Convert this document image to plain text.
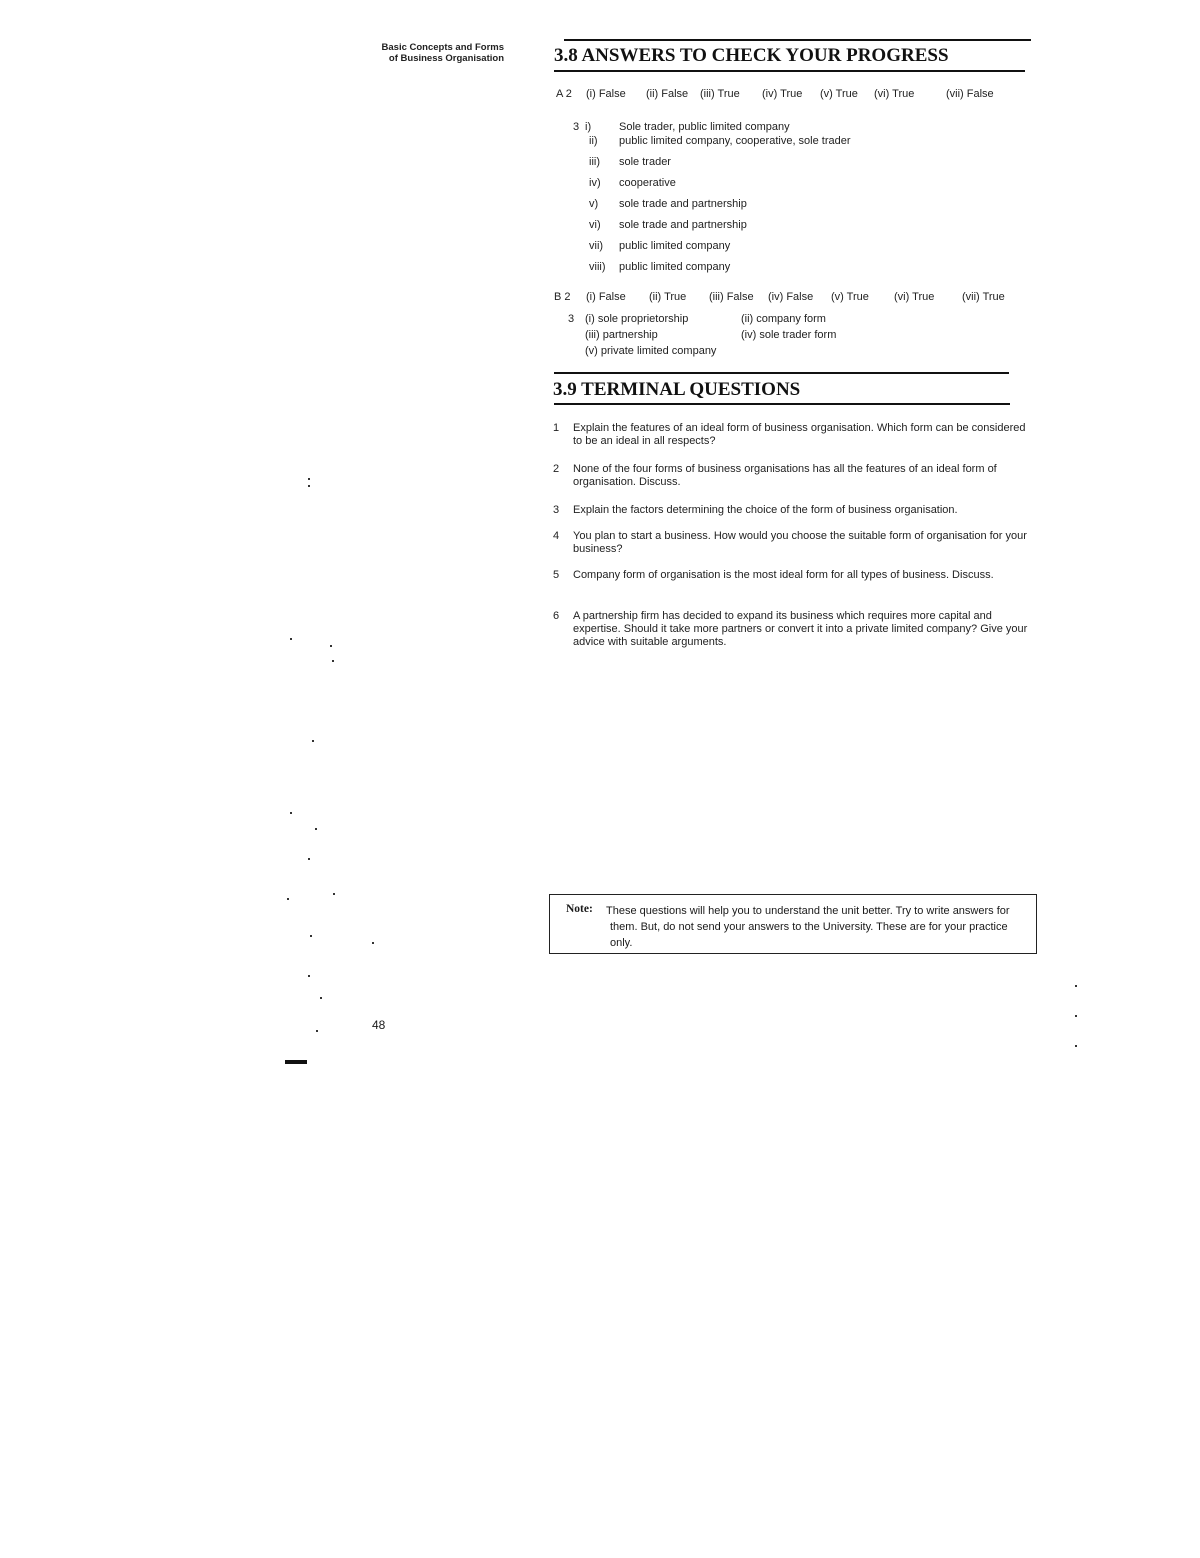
Basic Concepts and Forms
of Business Organisation	3.8 ANSWERS TO CHECK YOUR PROGRESS
A 2 (i) False (ii) False (iii) True (iv) True (v) True (vi) True	(vii) False
3 i)	Sole trader, public limited company
ii) public limited company, cooperative, sole trader
iii) sole trader
iv) cooperative
v) sole trade and partnership
vi) sole trade and partnership
vii) public limited company
viii) public limited company
B 2 (i) False (ii) True (iii) False (iv) False (v) True (vi) True	(vii) True
3 (i) sole proprietorship	(ii) company form
(iii) partnership	(iv) sole trader form
(v) private limited company
3.9 TERMINAL QUESTIONS
1 Explain the features of an ideal form of business organisation. Which form can be considered to be an ideal in all respects?
2 None of the four forms of business organisations has all the features of an ideal form of organisation. Discuss.
3 Explain the factors determining the choice of the form of business organisation.
4 You plan to start a business. How would you choose the suitable form of organisation for your business?
5 Company form of organisation is the most ideal form for all types of business. Discuss.
6 A partnership firm has decided to expand its business which requires more capital and expertise. Should it take more partners or convert it into a private limited company? Give your advice with suitable arguments.
Note: These questions will help you to understand the unit better. Try to write answers for them. But, do not send your answers to the University. These are for your practice only.
48
